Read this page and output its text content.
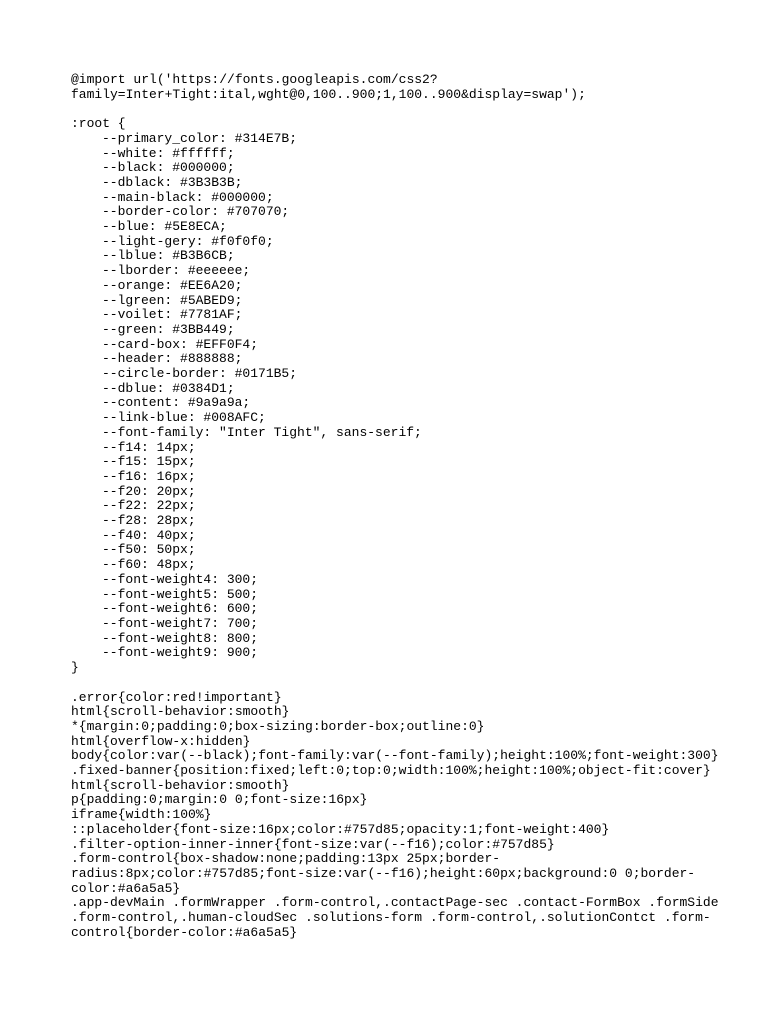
@import url('https://fonts.googleapis.com/css2?
family=Inter+Tight:ital,wght@0,100..900;1,100..900&display=swap');
:root {
--primary_color: #314E7B;
--white: #ffffff;
--black: #000000;
--dblack: #3B3B3B;
--main-black: #000000;
--border-color: #707070;
--blue: #5E8ECA;
--light-gery: #f0f0f0;
--lblue: #B3B6CB;
--lborder: #eeeeee;
--orange: #EE6A20;
--lgreen: #5ABED9;
--voilet: #7781AF;
--green: #3BB449;
--card-box: #EFF0F4;
--header: #888888;
--circle-border: #0171B5;
--dblue: #0384D1;
--content: #9a9a9a;
--link-blue: #008AFC;
--font-family: "Inter Tight", sans-serif;
--f14: 14px;
--f15: 15px;
--f16: 16px;
--f20: 20px;
--f22: 22px;
--f28: 28px;
--f40: 40px;
--f50: 50px;
--f60: 48px;
--font-weight4: 300;
--font-weight5: 500;
--font-weight6: 600;
--font-weight7: 700;
--font-weight8: 800;
--font-weight9: 900;
}
.error{color:red!important}
html{scroll-behavior:smooth}
*{margin:0;padding:0;box-sizing:border-box;outline:0}
html{overflow-x:hidden}
body{color:var(--black);font-family:var(--font-family);height:100%;font-weight:300}
.fixed-banner{position:fixed;left:0;top:0;width:100%;height:100%;object-fit:cover}
html{scroll-behavior:smooth}
p{padding:0;margin:0 0;font-size:16px}
iframe{width:100%}
::placeholder{font-size:16px;color:#757d85;opacity:1;font-weight:400}
.filter-option-inner-inner{font-size:var(--f16);color:#757d85}
.form-control{box-shadow:none;padding:13px 25px;border-
radius:8px;color:#757d85;font-size:var(--f16);height:60px;background:0 0;border-
color:#a6a5a5}
.app-devMain .formWrapper .form-control,.contactPage-sec .contact-FormBox .formSide
.form-control,.human-cloudSec .solutions-form .form-control,.solutionContct .form-
control{border-color:#a6a5a5}
